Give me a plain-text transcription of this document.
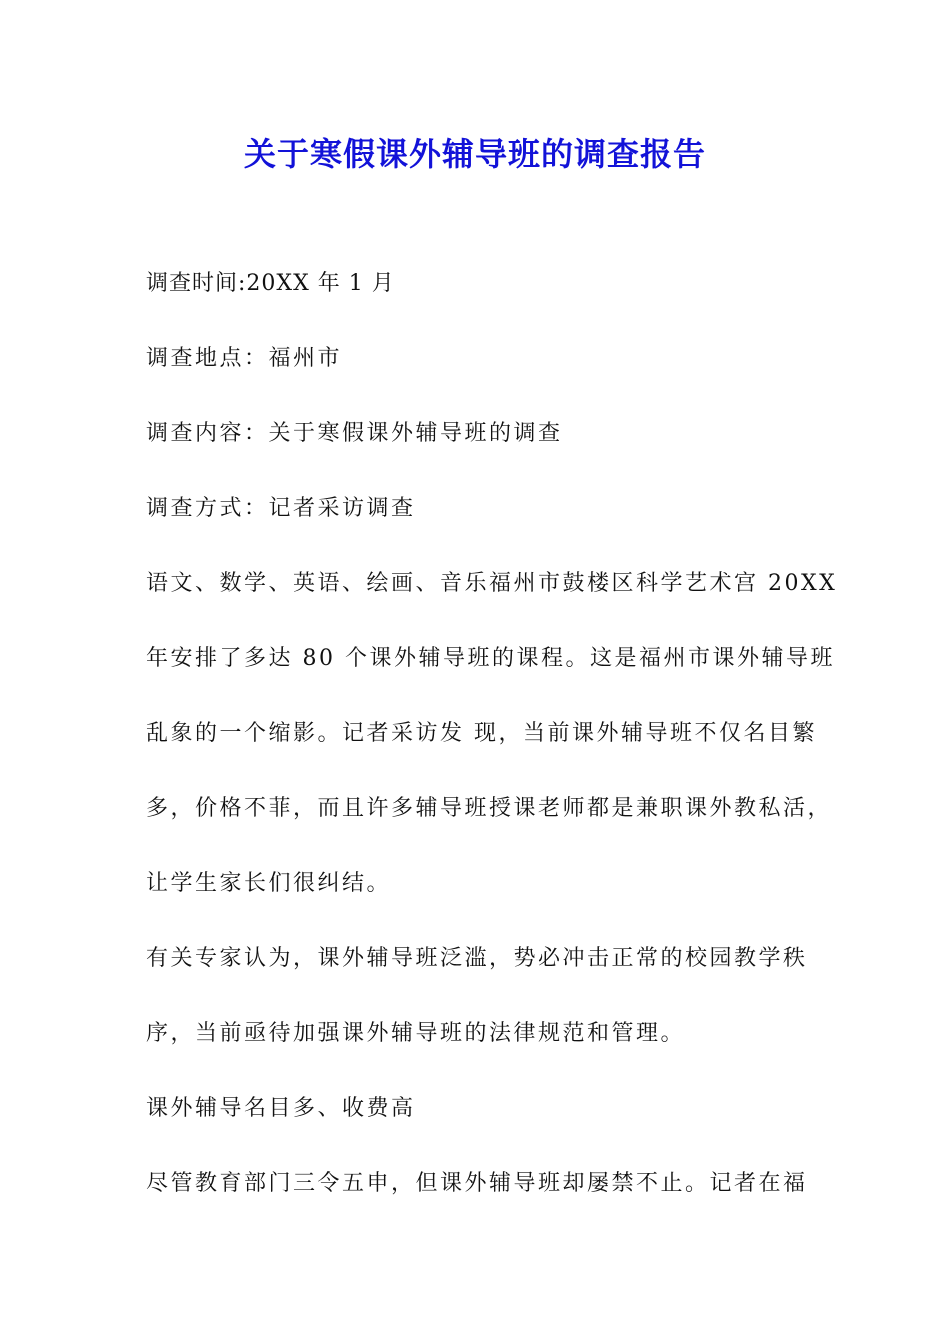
关于寒假课外辅导班的调查报告

调查时间:20XX 年 1 月

调查地点：福州市

调查内容：关于寒假课外辅导班的调查

调查方式：记者采访调查

语文、数学、英语、绘画、音乐福州市鼓楼区科学艺术宫 20XX

年安排了多达 80 个课外辅导班的课程。这是福州市课外辅导班

乱象的一个缩影。记者采访发 现，当前课外辅导班不仅名目繁

多，价格不菲，而且许多辅导班授课老师都是兼职课外教私活，

让学生家长们很纠结。

有关专家认为，课外辅导班泛滥，势必冲击正常的校园教学秩

序，当前亟待加强课外辅导班的法律规范和管理。

课外辅导名目多、收费高

尽管教育部门三令五申，但课外辅导班却屡禁不止。记者在福
